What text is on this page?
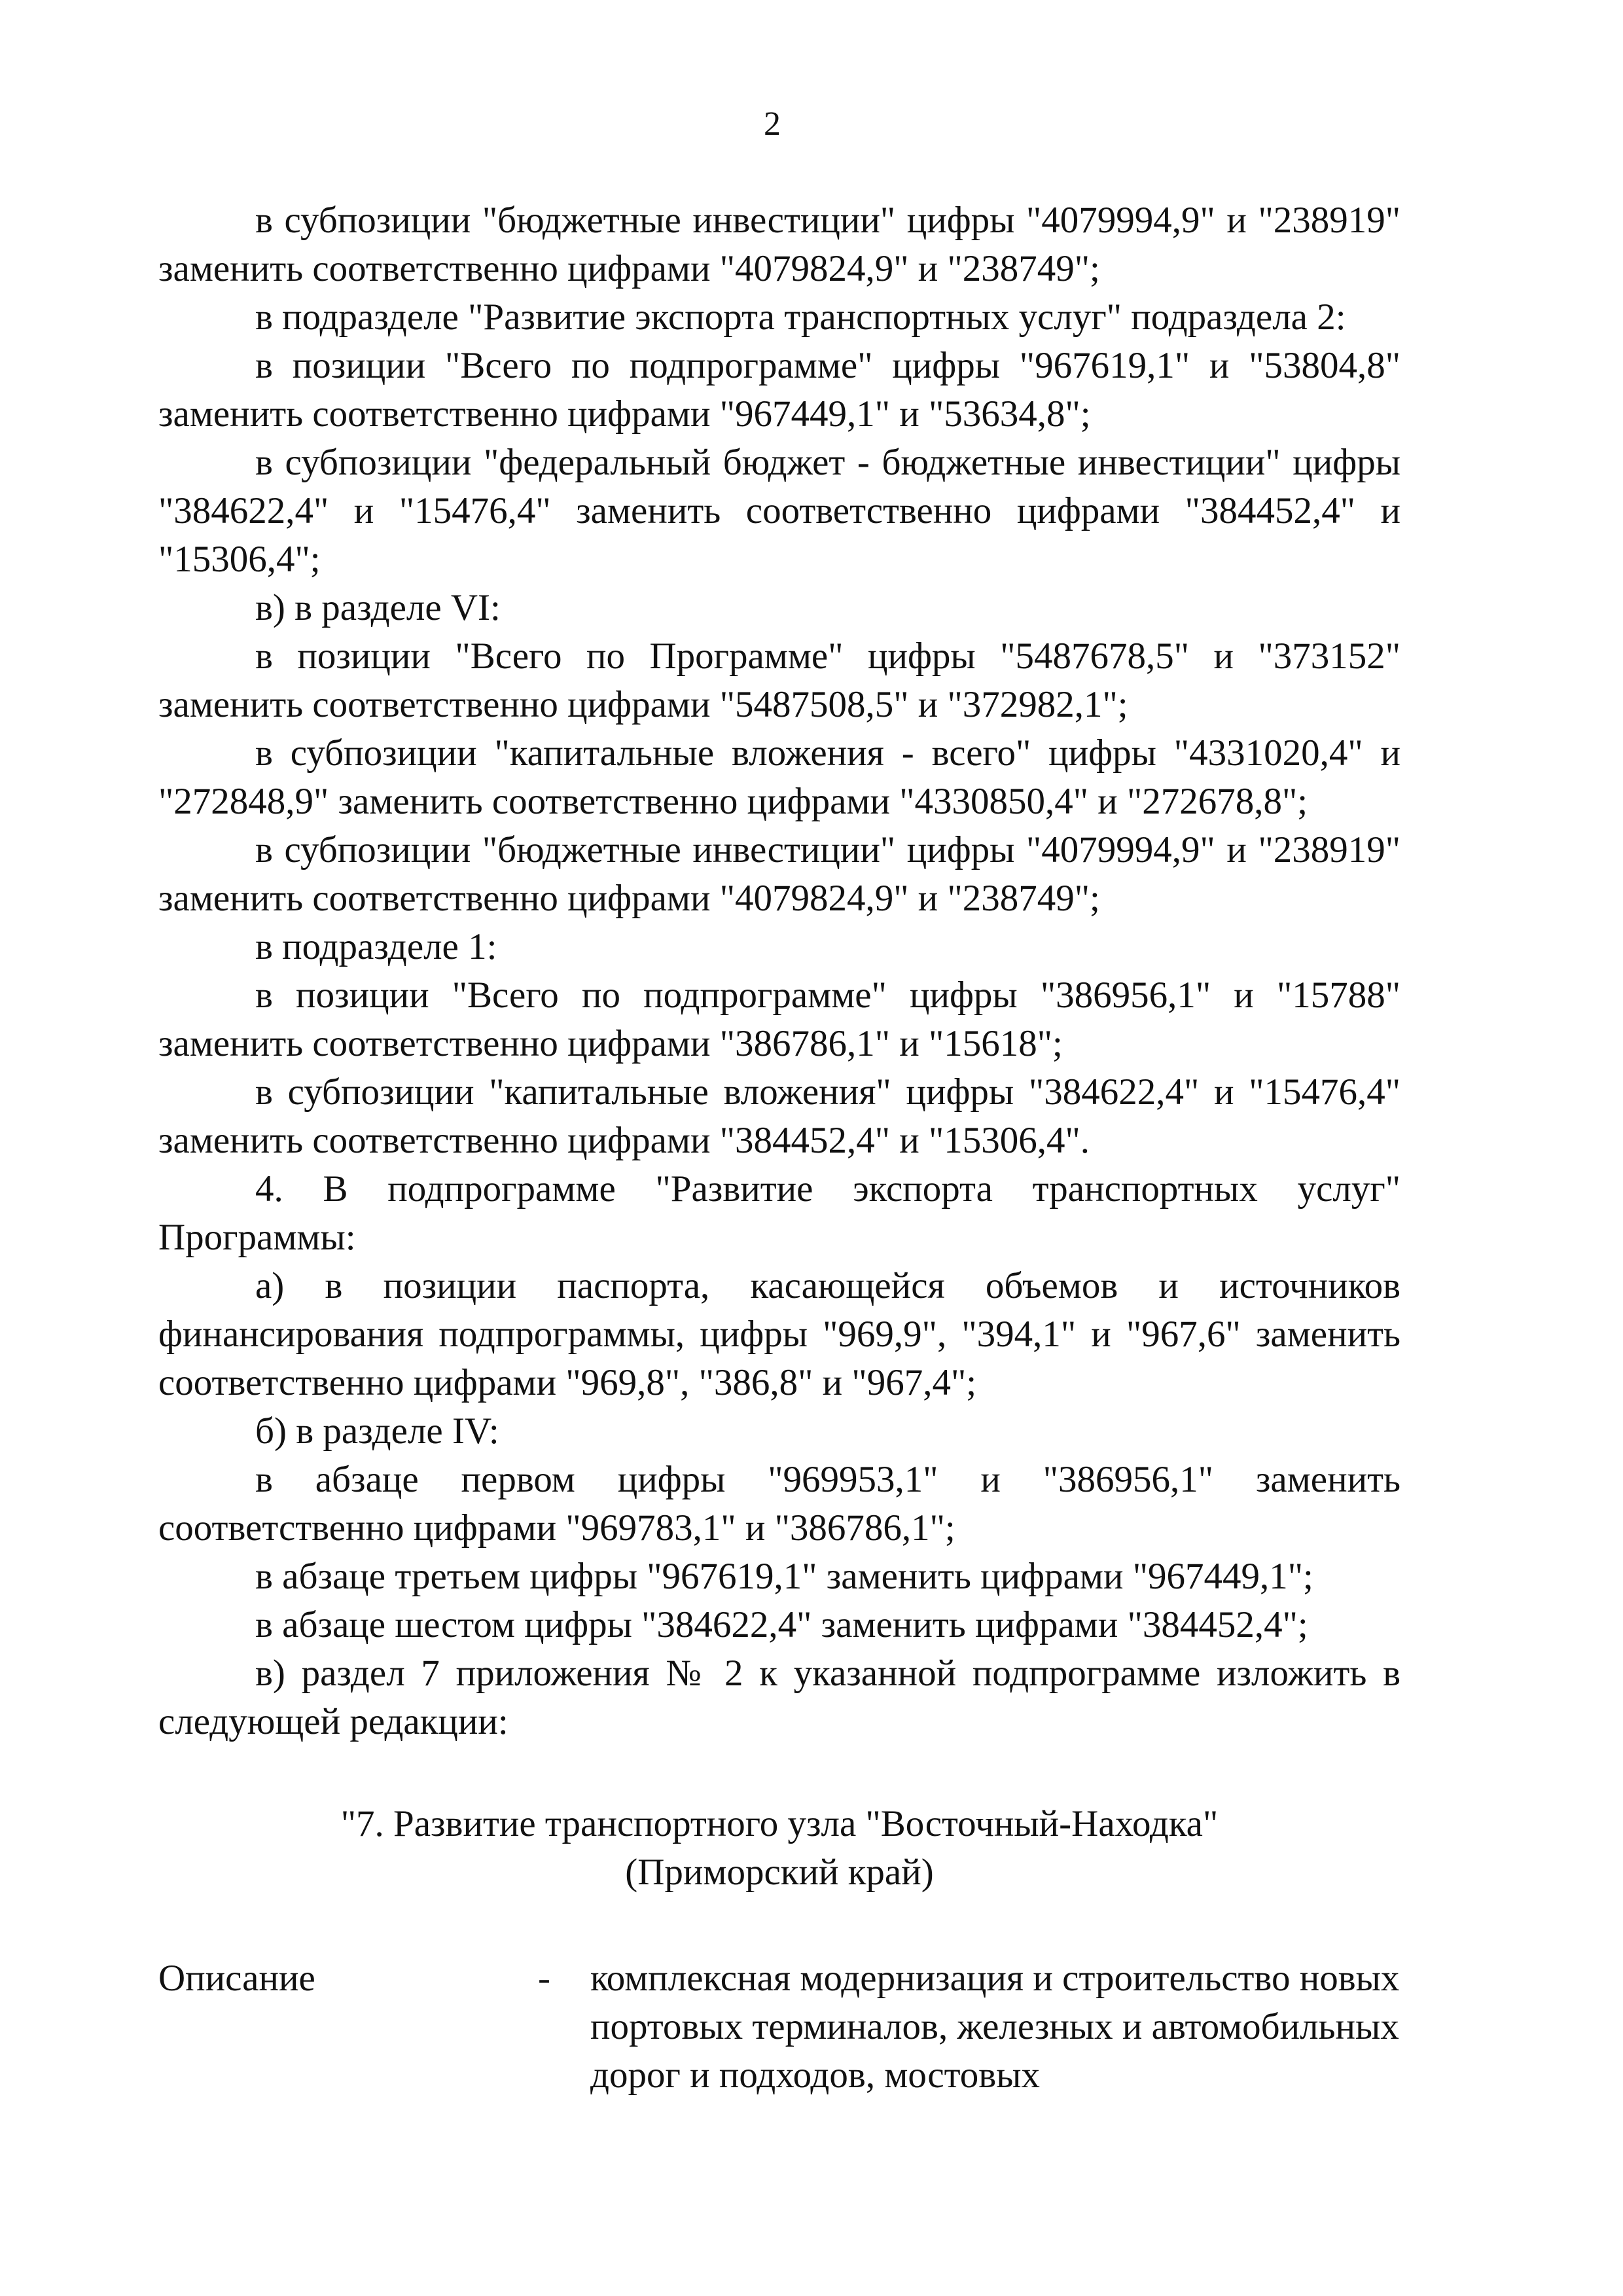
2

в субпозиции "бюджетные инвестиции" цифры "4079994,9" и "238919" заменить соответственно цифрами "4079824,9" и "238749";

в подразделе "Развитие экспорта транспортных услуг" подраздела 2:

в позиции "Всего по подпрограмме" цифры "967619,1" и "53804,8" заменить соответственно цифрами "967449,1" и "53634,8";

в субпозиции "федеральный бюджет - бюджетные инвестиции" цифры "384622,4" и "15476,4" заменить соответственно цифрами "384452,4" и "15306,4";

в) в разделе VI:

в позиции "Всего по Программе" цифры "5487678,5" и "373152" заменить соответственно цифрами "5487508,5" и "372982,1";

в субпозиции "капитальные вложения - всего" цифры "4331020,4" и "272848,9" заменить соответственно цифрами "4330850,4" и "272678,8";

в субпозиции "бюджетные инвестиции" цифры "4079994,9" и "238919" заменить соответственно цифрами "4079824,9" и "238749";

в подразделе 1:

в позиции "Всего по подпрограмме" цифры "386956,1" и "15788" заменить соответственно цифрами "386786,1" и "15618";

в субпозиции "капитальные вложения" цифры "384622,4" и "15476,4" заменить соответственно цифрами "384452,4" и "15306,4".

4. В подпрограмме "Развитие экспорта транспортных услуг" Программы:

а) в позиции паспорта, касающейся объемов и источников финансирования подпрограммы, цифры "969,9", "394,1" и "967,6" заменить соответственно цифрами "969,8", "386,8" и "967,4";

б) в разделе IV:

в абзаце первом цифры "969953,1" и "386956,1" заменить соответственно цифрами "969783,1" и "386786,1";

в абзаце третьем цифры "967619,1" заменить цифрами "967449,1";

в абзаце шестом цифры "384622,4" заменить цифрами "384452,4";

в) раздел 7 приложения № 2 к указанной подпрограмме изложить в следующей редакции:

"7. Развитие транспортного узла "Восточный-Находка"
(Приморский край)
Описание	-	комплексная модернизация и строительство новых портовых терминалов, железных и автомобильных дорог и подходов, мостовых
